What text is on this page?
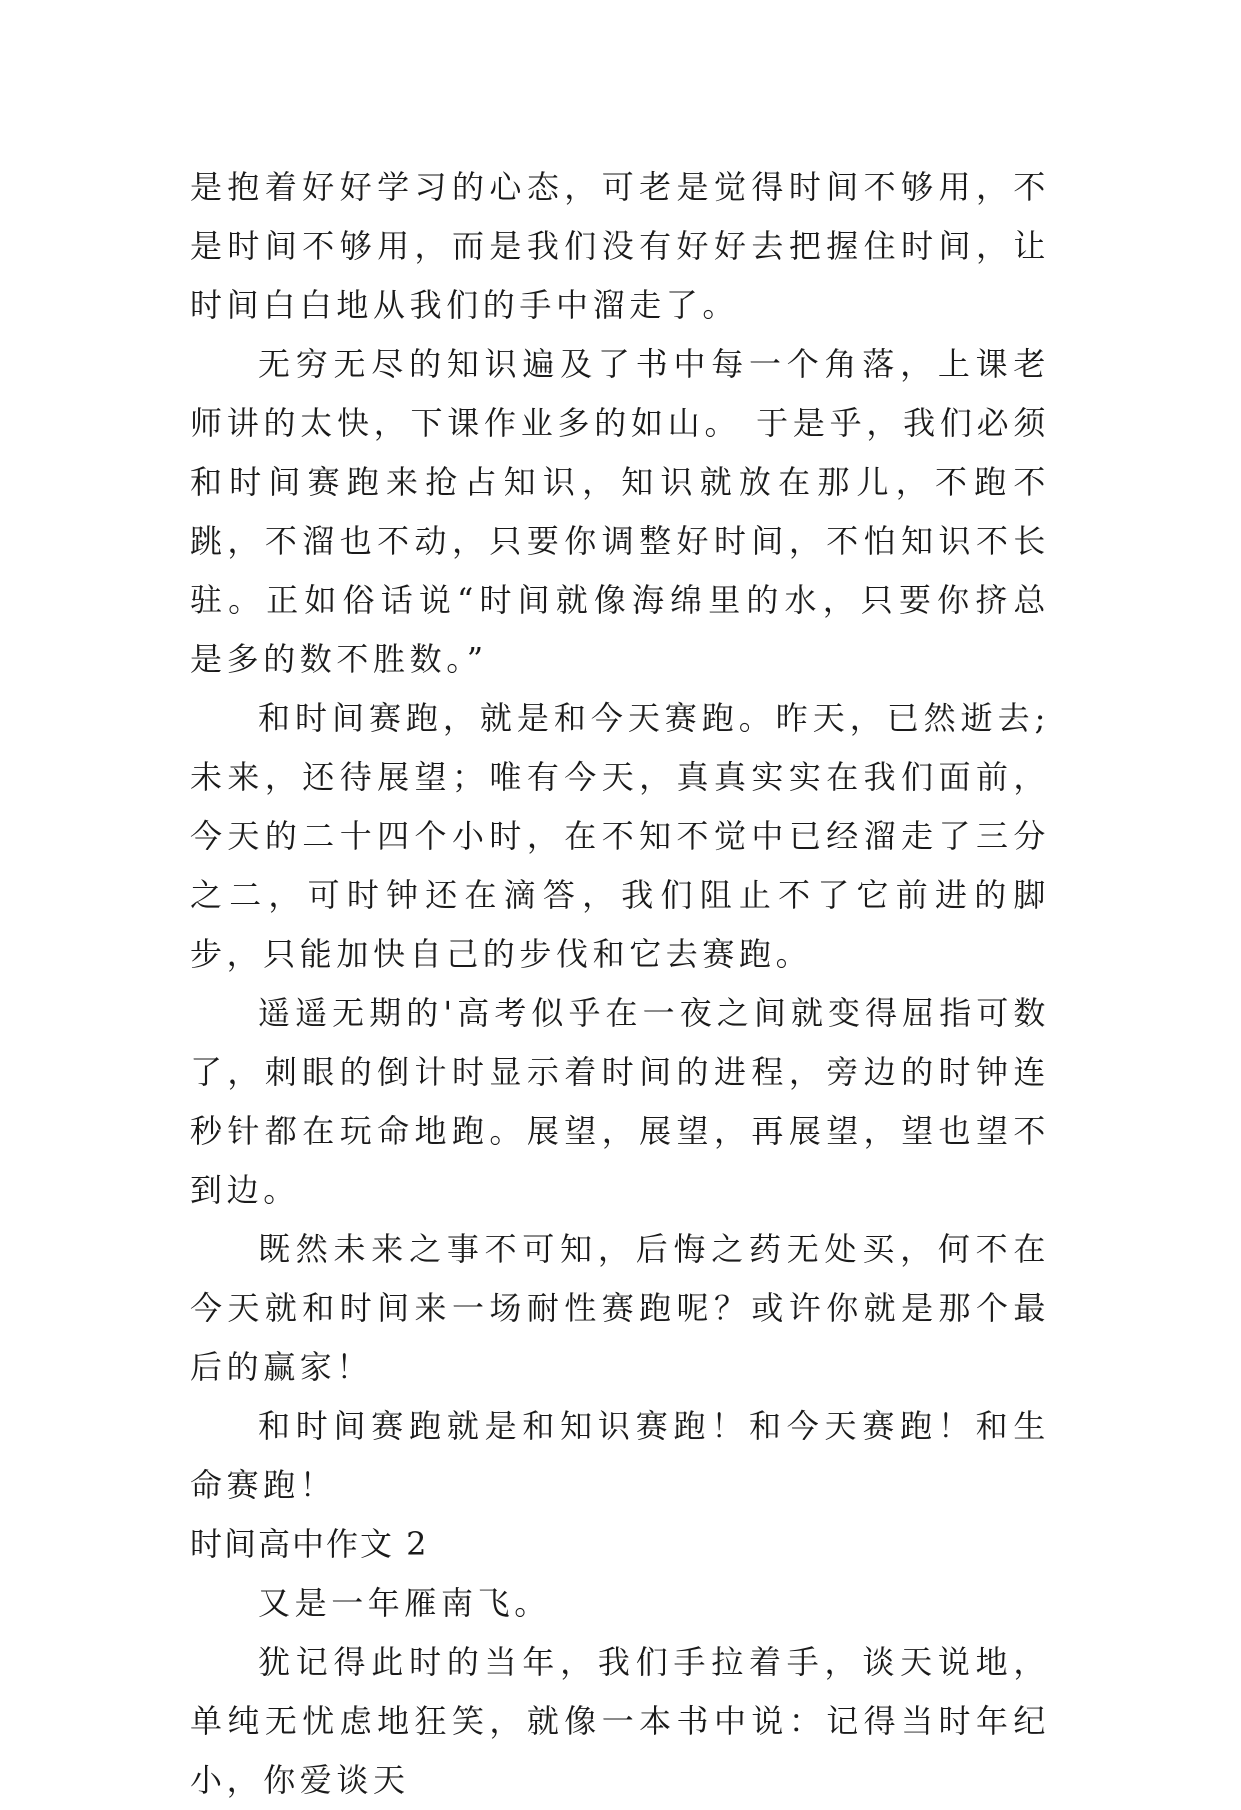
是抱着好好学习的心态，可老是觉得时间不够用，不是时间不够用，而是我们没有好好去把握住时间，让时间白白地从我们的手中溜走了。

无穷无尽的知识遍及了书中每一个角落，上课老师讲的太快，下课作业多的如山。 于是乎，我们必须和时间赛跑来抢占知识，知识就放在那儿，不跑不跳，不溜也不动，只要你调整好时间，不怕知识不长驻。正如俗话说“时间就像海绵里的水，只要你挤总是多的数不胜数。”

和时间赛跑，就是和今天赛跑。昨天，已然逝去;未来，还待展望；唯有今天，真真实实在我们面前，今天的二十四个小时，在不知不觉中已经溜走了三分之二，可时钟还在滴答，我们阻止不了它前进的脚步，只能加快自己的步伐和它去赛跑。

遥遥无期的'高考似乎在一夜之间就变得屈指可数了，刺眼的倒计时显示着时间的进程，旁边的时钟连秒针都在玩命地跑。展望，展望，再展望，望也望不到边。

既然未来之事不可知，后悔之药无处买，何不在今天就和时间来一场耐性赛跑呢？或许你就是那个最后的赢家！

和时间赛跑就是和知识赛跑！和今天赛跑！和生命赛跑！

时间高中作文 2

又是一年雁南飞。

犹记得此时的当年，我们手拉着手，谈天说地，单纯无忧虑地狂笑，就像一本书中说：记得当时年纪小，你爱谈天
